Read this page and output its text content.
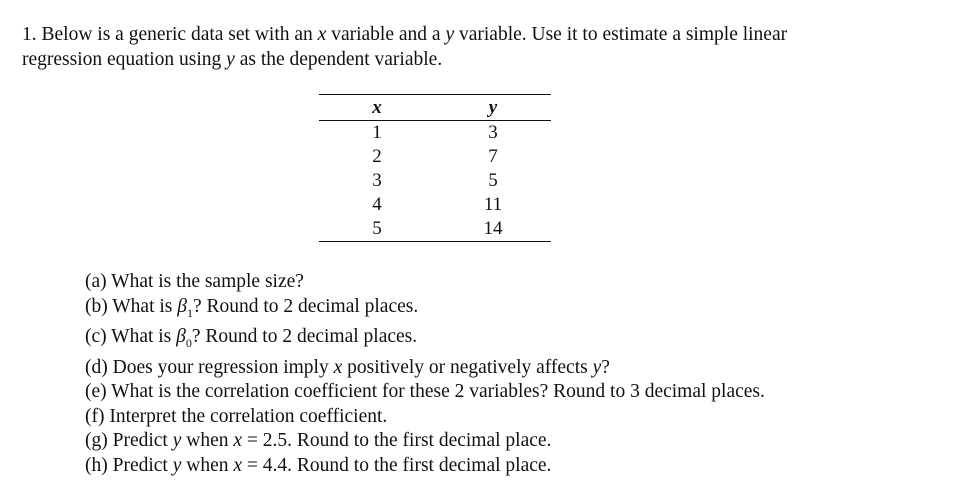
1. Below is a generic data set with an x variable and a y variable. Use it to estimate a simple linear
regression equation using y as the dependent variable.
x	y
1	3
2	7
3	5
4	11
5	14
(a) What is the sample size?
(b) What is $\beta_1$? Round to 2 decimal places.
(c) What is $\beta_0$? Round to 2 decimal places.
(d) Does your regression imply x positively or negatively affects y?
(e) What is the correlation coefficient for these 2 variables? Round to 3 decimal places.
(f) Interpret the correlation coefficient.
(g) Predict y when x = 2.5. Round to the first decimal place.
(h) Predict y when x = 4.4. Round to the first decimal place.
